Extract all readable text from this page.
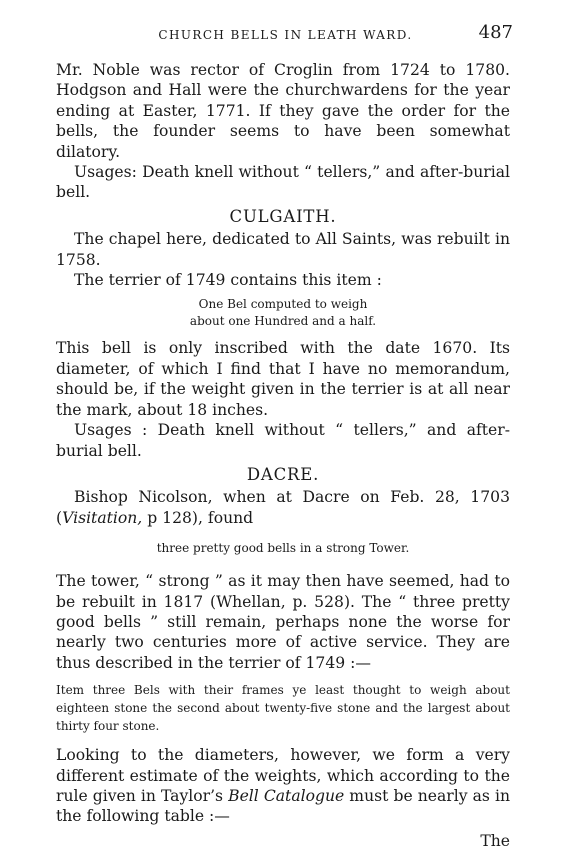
CHURCH BELLS IN LEATH WARD.	487

Mr. Noble was rector of Croglin from 1724 to 1780. Hodgson and Hall were the churchwardens for the year ending at Easter, 1771. If they gave the order for the bells, the founder seems to have been somewhat dilatory.

Usages: Death knell without “ tellers,” and after-burial bell.

CULGAITH.

The chapel here, dedicated to All Saints, was rebuilt in 1758.

The terrier of 1749 contains this item :

One Bel computed to weigh
about one Hundred and a half.

This bell is only inscribed with the date 1670. Its diameter, of which I find that I have no memorandum, should be, if the weight given in the terrier is at all near the mark, about 18 inches.

Usages : Death knell without “ tellers,” and after-burial bell.

DACRE.

Bishop Nicolson, when at Dacre on Feb. 28, 1703 (Visitation, p 128), found

three pretty good bells in a strong Tower.

The tower, “ strong ” as it may then have seemed, had to be rebuilt in 1817 (Whellan, p. 528). The “ three pretty good bells ” still remain, perhaps none the worse for nearly two centuries more of active service. They are thus described in the terrier of 1749 :—

Item three Bels with their frames ye least thought to weigh about eighteen stone the second about twenty-five stone and the largest about thirty four stone.

Looking to the diameters, however, we form a very different estimate of the weights, which according to the rule given in Taylor’s Bell Catalogue must be nearly as in the following table :—

The
